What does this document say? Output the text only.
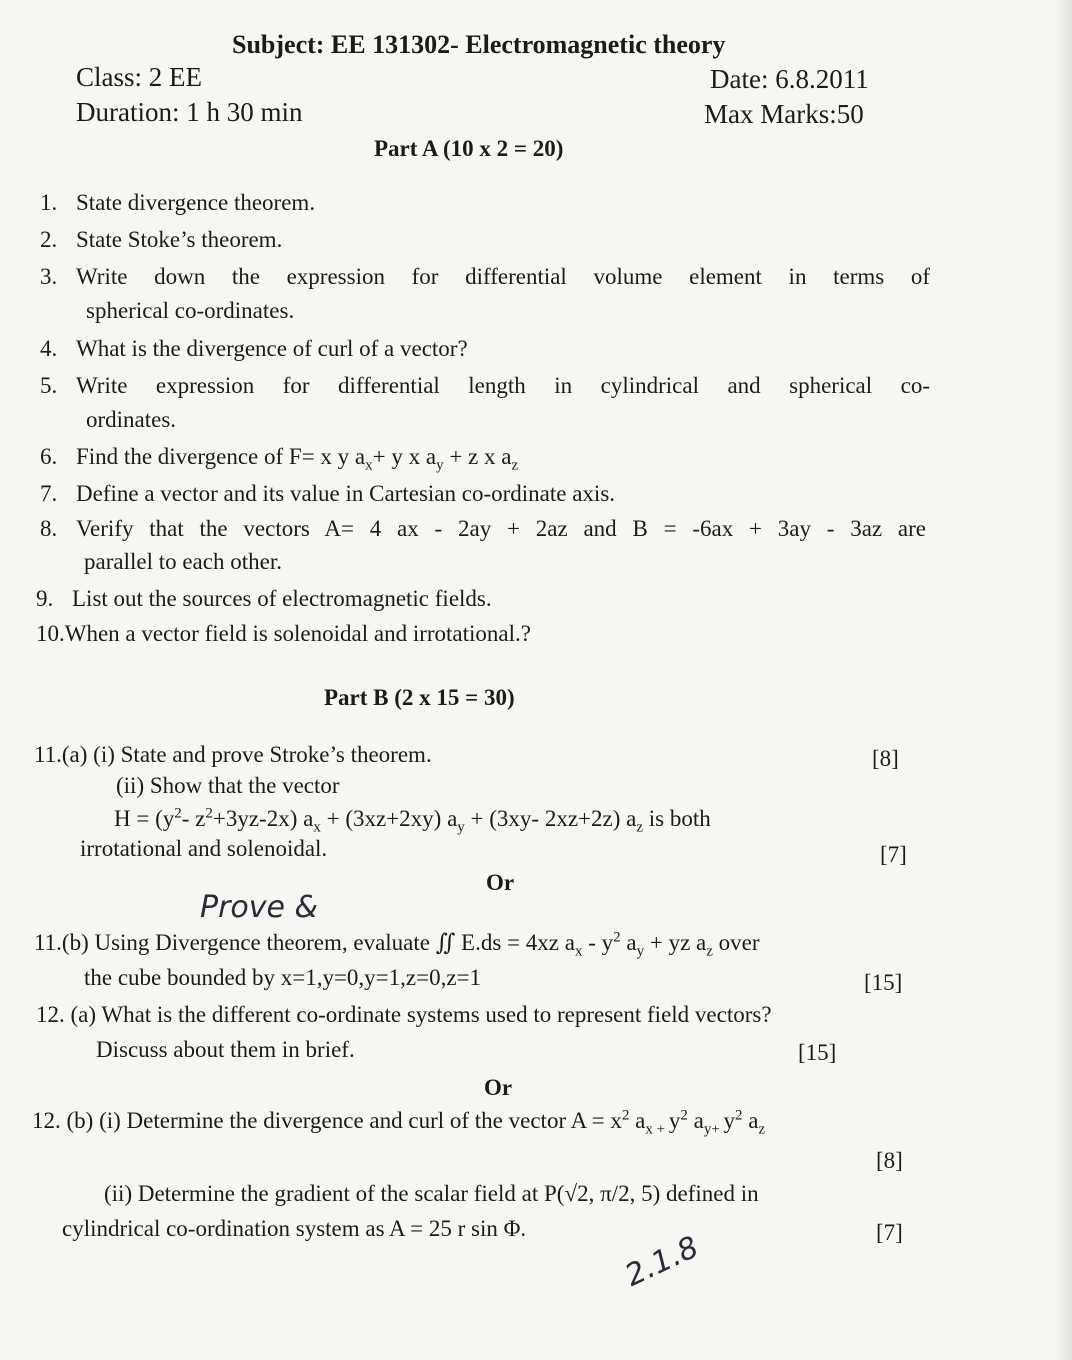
Subject: EE 131302- Electromagnetic theory
Class: 2 EE	Date: 6.8.2011
Duration: 1 h 30 min	Max Marks:50
Part A (10 x 2 = 20)
1. State divergence theorem.
2. State Stoke’s theorem.
3. Write down the expression for differential volume element in terms of
spherical co-ordinates.
4. What is the divergence of curl of a vector?
5. Write expression for differential length in cylindrical and spherical co-
ordinates.
6. Find the divergence of F= x y $a_x+ y$ x $a_y + z$ x $a_z$
7. Define a vector and its value in Cartesian co-ordinate axis.
8. Verify that the vectors A= 4 ax - 2ay + 2az and B = -6ax + 3ay - 3az are
parallel to each other.
9. List out the sources of electromagnetic fields.
10.When a vector field is solenoidal and irrotational.?
Part B (2 x 15 = 30)
11.(a) (i) State and prove Stroke’s theorem.	[8]
(ii) Show that the vector
$H = (y^2-$ $z^2+3yz-2x$) $a_x + (3xz+2xy) a_y + (3xy-$ 2xz+2z) $a_z$ is both
irrotational and solenoidal.	[7]
Or
Prove &
11.(b) Using Divergence theorem, evaluate ∬ E.ds = 4xz $a_x - y^2$ $a_y$ + yz $a_z$ over
the cube bounded by x=1,y=0,y=1,z=0,z=1	[15]
12. (a) What is the different co-ordinate systems used to represent field vectors?
Discuss about them in brief.	[15]
Or
12. (b) (i) Determine the divergence and curl of the vector $A = x^2$ $a_{x +}$ $y^2$ $a_{y+}$ $y^2$ $a_z$
[8]
(ii) Determine the gradient of the scalar field at P(√2, π/2, 5) defined in
cylindrical co-ordination system as A = 25 r sin Φ.	[7]
2.1.8
